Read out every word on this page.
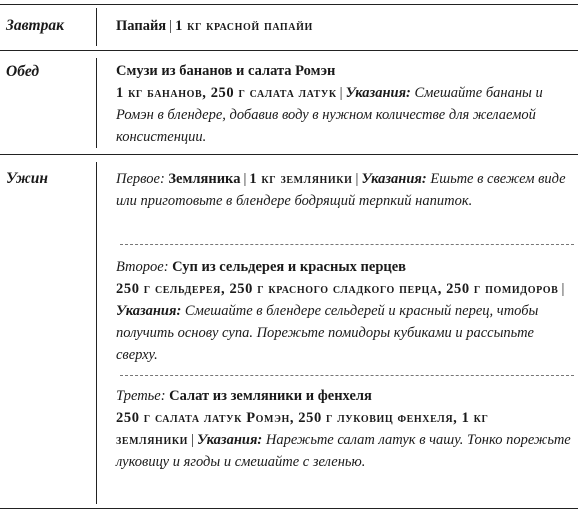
Завтрак	Папайя | 1 кг красной папайи
Обед	Смузи из бананов и салата Ромэн
1 кг бананов, 250 г салата латук | Указания: Смешайте бананы и Ромэн в блендере, добавив воду в нужном количестве для желаемой консистенции.
Ужин	Первое: Земляника | 1 кг земляники | Указания: Ешьте в свежем виде или приготовьте в блендере бодрящий терпкий напиток.
Второе: Суп из сельдерея и красных перцев
250 г сельдерея, 250 г красного сладкого перца, 250 г помидоров |Указания: Смешайте в блендере сельдерей и красный перец, чтобы получить основу супа. Порежьте помидоры кубиками и рассыпьте сверху.
Третье: Салат из земляники и фенхеля
250 г салата латук Ромэн, 250 г луковиц фенхеля, 1 кг земляники | Указания: Нарежьте салат латук в чашу. Тонко порежьте луковицу и ягоды и смешайте с зеленью.
